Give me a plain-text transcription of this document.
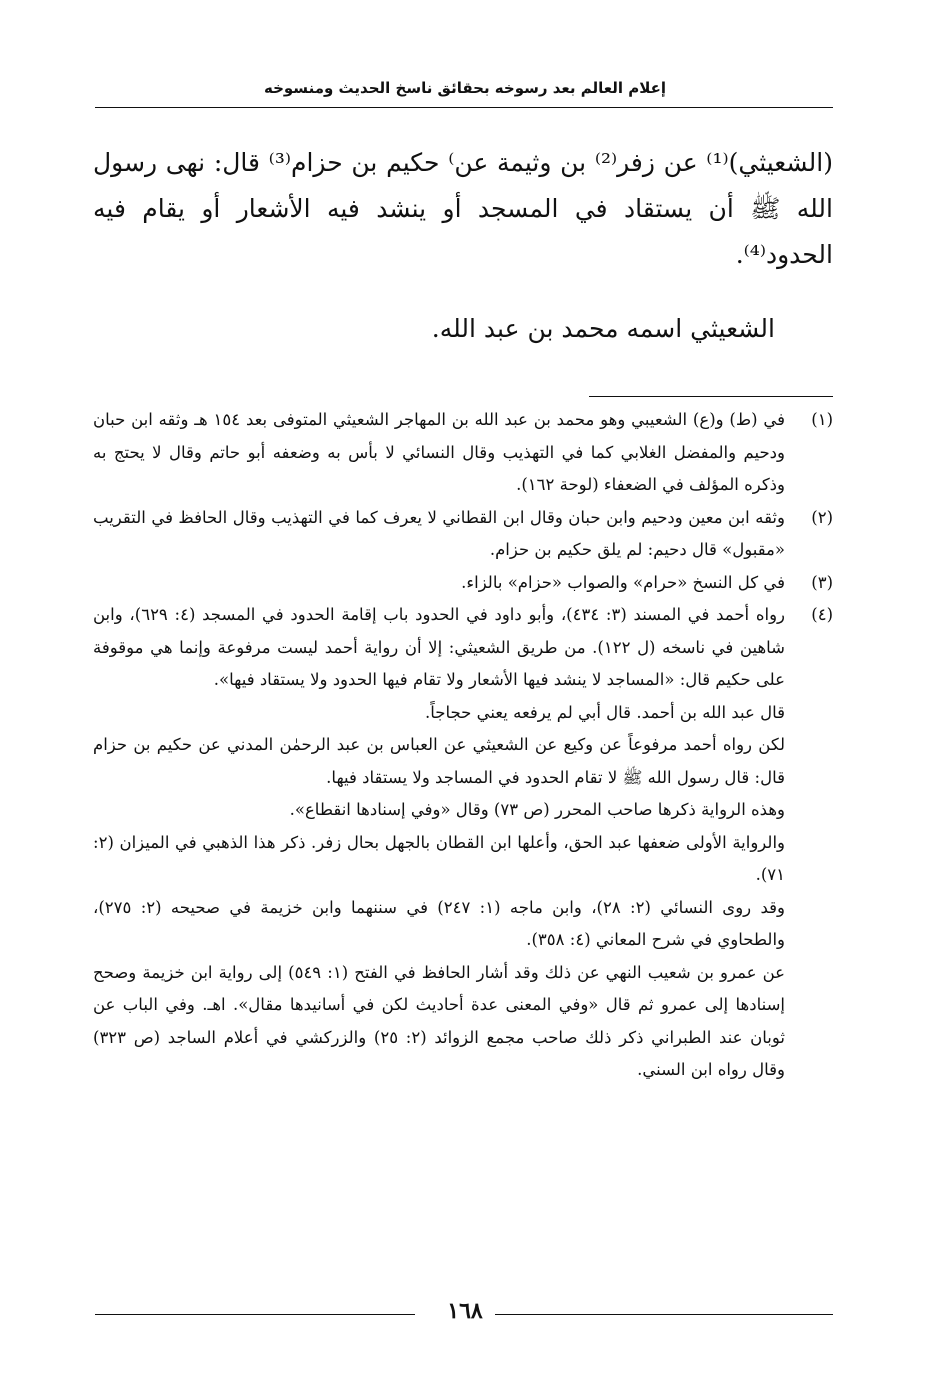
إعلام العالم بعد رسوخه بحقائق ناسخ الحديث ومنسوخه

(الشعيثي)⁽¹⁾ عن زفر⁽²⁾ بن وثيمة عن⁾ حكيم بن حزام⁽³⁾ قال: نهى رسول الله ﷺ أن يستقاد في المسجد أو ينشد فيه الأشعار أو يقام فيه الحدود⁽⁴⁾.

الشعيثي اسمه محمد بن عبد الله.

(١)

في (ط) و(ع) الشعيبي وهو محمد بن عبد الله بن المهاجر الشعيثي المتوفى بعد ١٥٤ هـ وثقه ابن حبان ودحيم والمفضل الغلابي كما في التهذيب وقال النسائي لا بأس به وضعفه أبو حاتم وقال لا يحتج به وذكره المؤلف في الضعفاء (لوحة ١٦٢).

(٢)

وثقه ابن معين ودحيم وابن حبان وقال ابن القطاني لا يعرف كما في التهذيب وقال الحافظ في التقريب «مقبول» قال دحيم: لم يلق حكيم بن حزام.

(٣)

في كل النسخ «حرام» والصواب «حزام» بالزاء.

(٤)

رواه أحمد في المسند (٣: ٤٣٤)، وأبو داود في الحدود باب إقامة الحدود في المسجد (٤: ٦٢٩)، وابن شاهين في ناسخه (ل ١٢٢). من طريق الشعيثي: إلا أن رواية أحمد ليست مرفوعة وإنما هي موقوفة على حكيم قال: «المساجد لا ينشد فيها الأشعار ولا تقام فيها الحدود ولا يستقاد فيها».

قال عبد الله بن أحمد. قال أبي لم يرفعه يعني حجاجاً.

لكن رواه أحمد مرفوعاً عن وكيع عن الشعيثي عن العباس بن عبد الرحمٰن المدني عن حكيم بن حزام قال: قال رسول الله ﷺ لا تقام الحدود في المساجد ولا يستقاد فيها.

وهذه الرواية ذكرها صاحب المحرر (ص ٧٣) وقال «وفي إسنادها انقطاع».

والرواية الأولى ضعفها عبد الحق، وأعلها ابن القطان بالجهل بحال زفر. ذكر هذا الذهبي في الميزان (٢: ٧١).

وقد روى النسائي (٢: ٢٨)، وابن ماجه (١: ٢٤٧) في سننهما وابن خزيمة في صحيحه (٢: ٢٧٥)، والطحاوي في شرح المعاني (٤: ٣٥٨).

عن عمرو بن شعيب النهي عن ذلك وقد أشار الحافظ في الفتح (١: ٥٤٩) إلى رواية ابن خزيمة وصحح إسنادها إلى عمرو ثم قال «وفي المعنى عدة أحاديث لكن في أسانيدها مقال». اهـ. وفي الباب عن ثوبان عند الطبراني ذكر ذلك صاحب مجمع الزوائد (٢: ٢٥) والزركشي في أعلام الساجد (ص ٣٢٣) وقال رواه ابن السني.

١٦٨
